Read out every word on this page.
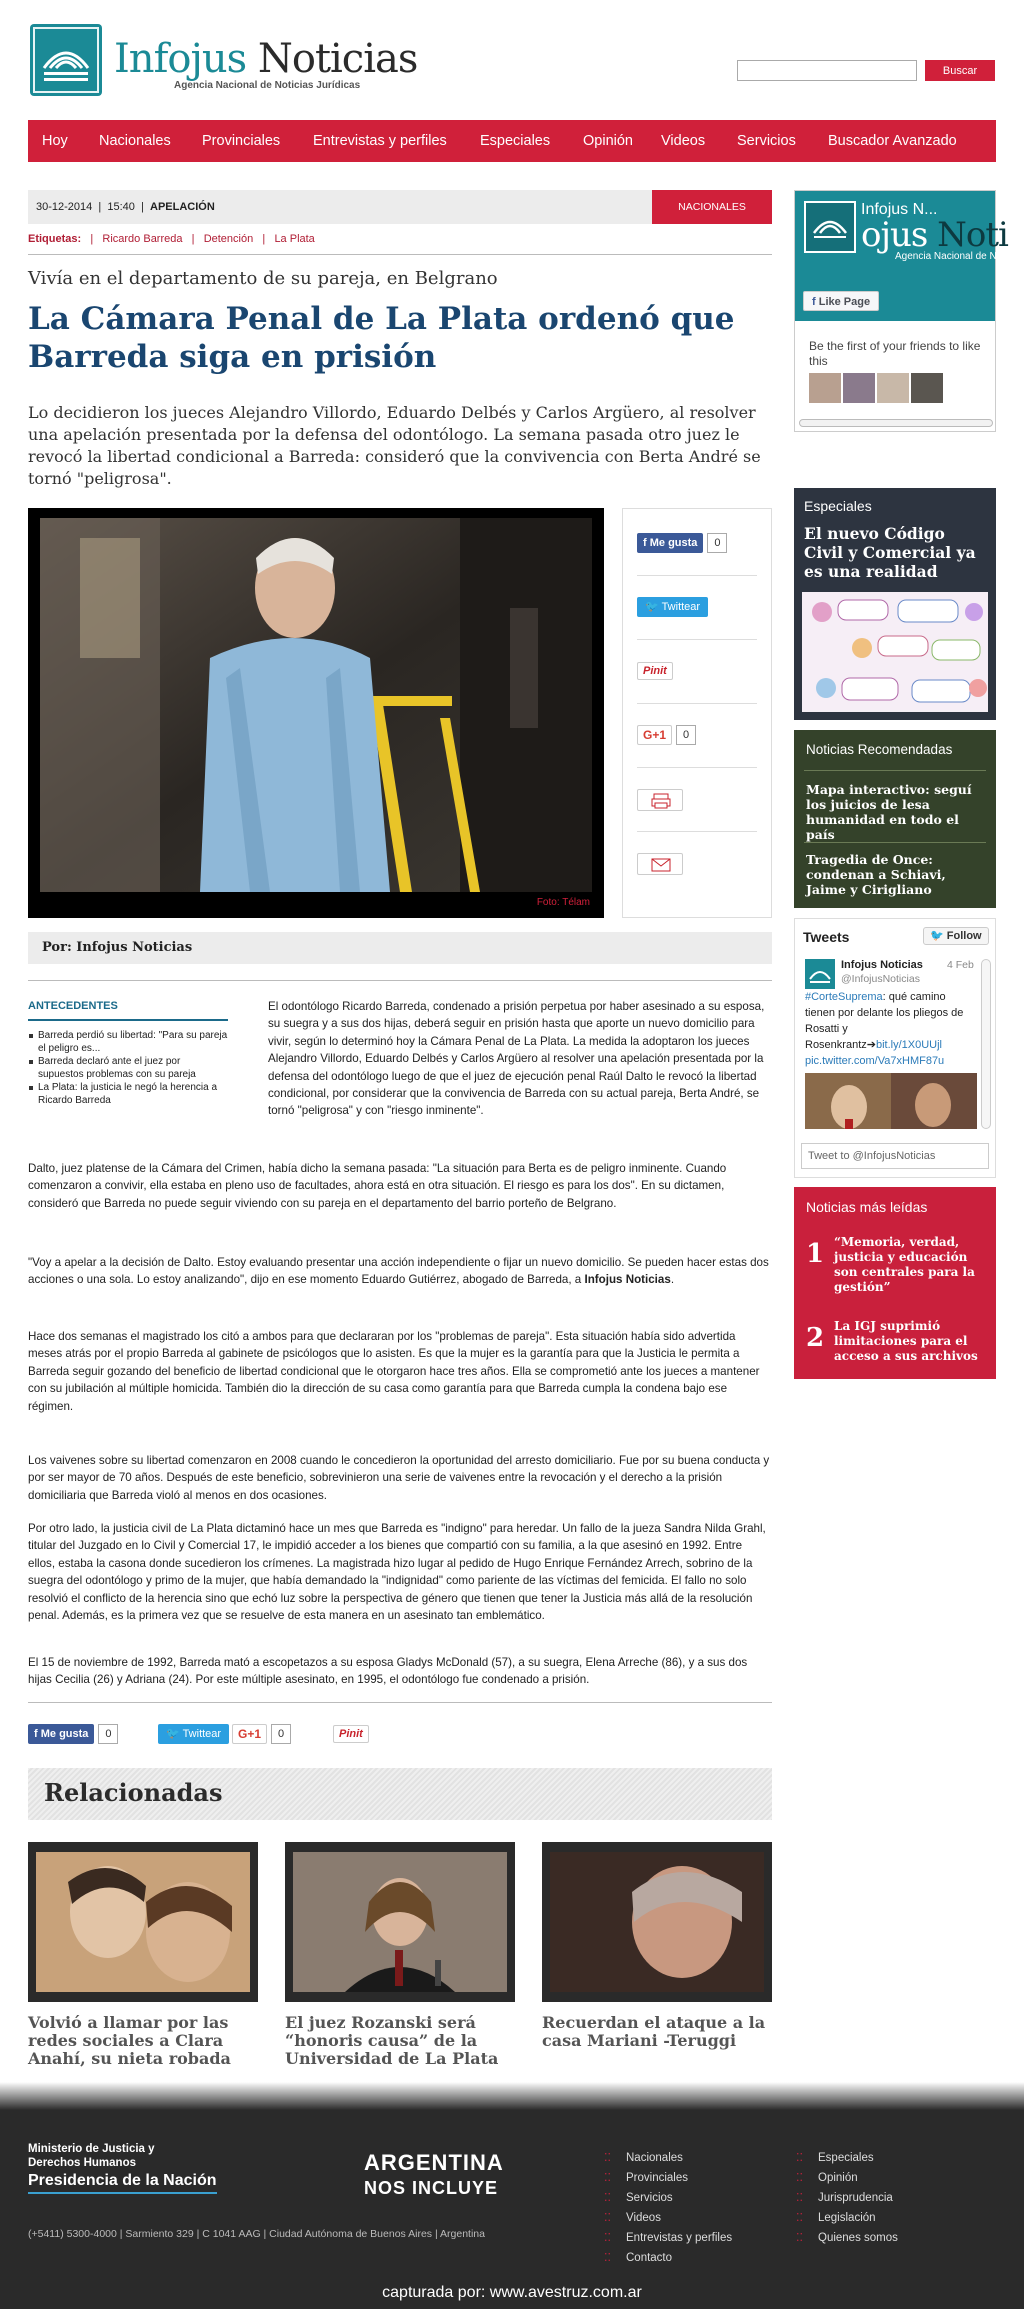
Infojus Noticias
Agencia Nacional de Noticias Jurídicas
Buscar
Hoy Nacionales Provinciales Entrevistas y perfiles Especiales Opinión Videos Servicios Buscador Avanzado
30-12-2014  |  15:40  |  APELACIÓN	NACIONALES
Etiquetas:   |   Ricardo Barreda   |   Detención   |   La Plata
Vivía en el departamento de su pareja, en Belgrano
La Cámara Penal de La Plata ordenó que Barreda siga en prisión

Lo decidieron los jueces Alejandro Villordo, Eduardo Delbés y Carlos Argüero, al resolver una apelación presentada por la defensa del odontólogo. La semana pasada otro juez le revocó la libertad condicional a Barreda: consideró que la convivencia con Berta André se tornó "peligrosa".

Foto: Télam
f Me gusta 0
🐦 Twittear
Pinit
G+1 0
Por: Infojus Noticias
ANTECEDENTES
Barreda perdió su libertad: "Para su pareja el peligro es...
Barreda declaró ante el juez por supuestos problemas con su pareja
La Plata: la justicia le negó la herencia a Ricardo Barreda

El odontólogo Ricardo Barreda, condenado a prisión perpetua por haber asesinado a su esposa, su suegra y a sus dos hijas, deberá seguir en prisión hasta que aporte un nuevo domicilio para vivir, según lo determinó hoy la Cámara Penal de La Plata. La medida la adoptaron los jueces Alejandro Villordo, Eduardo Delbés y Carlos Argüero al resolver una apelación presentada por la defensa del odontólogo luego de que el juez de ejecución penal Raúl Dalto le revocó la libertad condicional, por considerar que la convivencia de Barreda con su actual pareja, Berta André, se tornó "peligrosa" y con "riesgo inminente".

Dalto, juez platense de la Cámara del Crimen, había dicho la semana pasada: "La situación para Berta es de peligro inminente. Cuando comenzaron a convivir, ella estaba en pleno uso de facultades, ahora está en otra situación. El riesgo es para los dos". En su dictamen, consideró que Barreda no puede seguir viviendo con su pareja en el departamento del barrio porteño de Belgrano.

"Voy a apelar a la decisión de Dalto. Estoy evaluando presentar una acción independiente o fijar un nuevo domicilio. Se pueden hacer estas dos acciones o una sola. Lo estoy analizando", dijo en ese momento Eduardo Gutiérrez, abogado de Barreda, a Infojus Noticias.

Hace dos semanas el magistrado los citó a ambos para que declararan por los "problemas de pareja". Esta situación había sido advertida meses atrás por el propio Barreda al gabinete de psicólogos que lo asisten. Es que la mujer es la garantía para que la Justicia le permita a Barreda seguir gozando del beneficio de libertad condicional que le otorgaron hace tres años. Ella se comprometió ante los jueces a mantener con su jubilación al múltiple homicida. También dio la dirección de su casa como garantía para que Barreda cumpla la condena bajo ese régimen.

Los vaivenes sobre su libertad comenzaron en 2008 cuando le concedieron la oportunidad del arresto domiciliario. Fue por su buena conducta y por ser mayor de 70 años. Después de este beneficio, sobrevinieron una serie de vaivenes entre la revocación y el derecho a la prisión domiciliaria que Barreda violó al menos en dos ocasiones.

Por otro lado, la justicia civil de La Plata dictaminó hace un mes que Barreda es "indigno" para heredar. Un fallo de la jueza Sandra Nilda Grahl, titular del Juzgado en lo Civil y Comercial 17, le impidió acceder a los bienes que compartió con su familia, a la que asesinó en 1992. Entre ellos, estaba la casona donde sucedieron los crímenes. La magistrada hizo lugar al pedido de Hugo Enrique Fernández Arrech, sobrino de la suegra del odontólogo y primo de la mujer, que había demandado la "indignidad" como pariente de las víctimas del femicida. El fallo no solo resolvió el conflicto de la herencia sino que echó luz sobre la perspectiva de género que tienen que tener la Justicia más allá de la resolución penal. Además, es la primera vez que se resuelve de esta manera en un asesinato tan emblemático.

El 15 de noviembre de 1992, Barreda mató a escopetazos a su esposa Gladys McDonald (57), a su suegra, Elena Arreche (86), y a sus dos hijas Cecilia (26) y Adriana (24). Por este múltiple asesinato, en 1995, el odontólogo fue condenado a prisión.

f Me gusta 0	🐦 Twittear	G+1 0	Pinit
Relacionadas
Volvió a llamar por las redes sociales a Clara Anahí, su nieta robada
El juez Rozanski será “honoris causa” de la Universidad de La Plata
Recuerdan el ataque a la casa Mariani -Teruggi
ojus Noti
Infojus N...
Agencia Nacional de No
f Like Page
Be the first of your friends to like this
Especiales
El nuevo Código Civil y Comercial ya es una realidad
Noticias Recomendadas
Mapa interactivo: seguí los juicios de lesa humanidad en todo el país
Tragedia de Once: condenan a Schiavi, Jaime y Cirigliano
Tweets	🐦 Follow
Infojus Noticias
@InfojusNoticias
4 Feb
#CorteSuprema: qué camino tienen por delante los pliegos de Rosatti y Rosenkrantz➔bit.ly/1X0UUjl pic.twitter.com/Va7xHMF87u
Tweet to @InfojusNoticias
Noticias más leídas
1 “Memoria, verdad, justicia y educación son centrales para la gestión”
2 La IGJ suprimió limitaciones para el acceso a sus archivos
Ministerio de Justicia y Derechos Humanos
Presidencia de la Nación
ARGENTINA
NOS INCLUYE
(+5411) 5300-4000 | Sarmiento 329 | C 1041 AAG | Ciudad Autónoma de Buenos Aires | Argentina
⁚⁚ Nacionales
⁚⁚ Provinciales
⁚⁚ Servicios
⁚⁚ Videos
⁚⁚ Entrevistas y perfiles
⁚⁚ Contacto
⁚⁚ Especiales
⁚⁚ Opinión
⁚⁚ Jurisprudencia
⁚⁚ Legislación
⁚⁚ Quienes somos
capturada por: www.avestruz.com.ar
